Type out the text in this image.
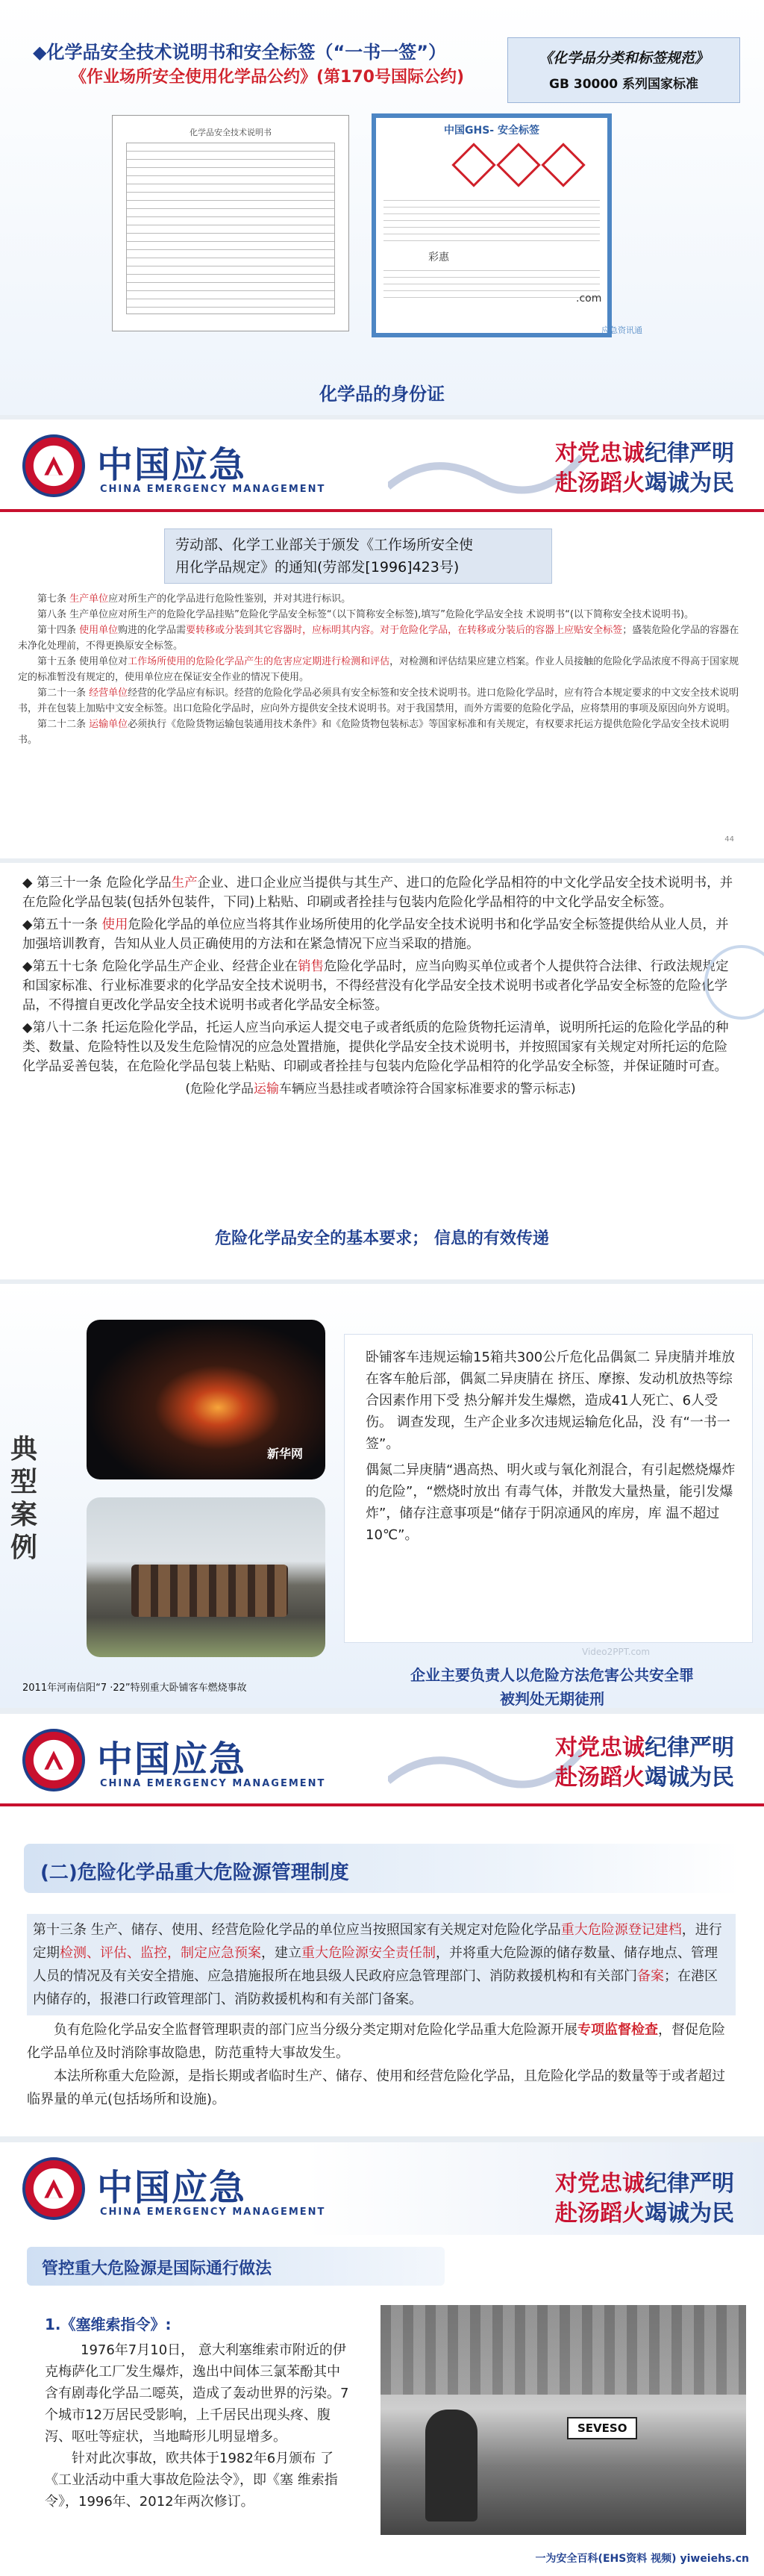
◆化学品安全技术说明书和安全标签（“一书一签”）
《作业场所安全使用化学品公约》(第170号国际公约)
《化学品分类和标签规范》
GB 30000 系列国家标准
化学品安全技术说明书	中国GHS- 安全标签
彩惠
.com
应急资讯通
化学品的身份证
中国应急
CHINA EMERGENCY MANAGEMENT
对党忠诚纪律严明
赴汤蹈火竭诚为民
劳动部、化学工业部关于颁发《工作场所安全使
用化学品规定》的通知(劳部发[1996]423号)

第七条 生产单位应对所生产的化学品进行危险性鉴别，并对其进行标识。

第八条 生产单位应对所生产的危险化学品挂贴”危险化学品安全标签“（以下简称安全标签),填写”危险化学品安全技 术说明书“(以下简称安全技术说明书)。

第十四条 使用单位购进的化学品需要转移或分装到其它容器时，应标明其内容。对于危险化学品，在转移或分装后的容器上应贴安全标签；盛装危险化学品的容器在未净化处理前，不得更换原安全标签。

第十五条 使用单位对工作场所使用的危险化学品产生的危害应定期进行检测和评估，对检测和评估结果应建立档案。作业人员接触的危险化学品浓度不得高于国家规定的标准暂没有规定的，使用单位应在保证安全作业的情况下使用。

第二十一条 经营单位经营的化学品应有标识。经营的危险化学品必须具有安全标签和安全技术说明书。进口危险化学品时，应有符合本规定要求的中文安全技术说明书，并在包装上加贴中文安全标签。出口危险化学品时，应向外方提供安全技术说明书。对于我国禁用，而外方需要的危险化学品，应将禁用的事项及原因向外方说明。

第二十二条 运输单位必须执行《危险货物运输包装通用技术条件》和《危险货物包装标志》等国家标准和有关规定，有权要求托运方提供危险化学品安全技术说明书。

44

◆ 第三十一条 危险化学品生产企业、进口企业应当提供与其生产、进口的危险化学品相符的中文化学品安全技术说明书，并在危险化学品包装(包括外包装件，下同)上粘贴、印刷或者拴挂与包装内危险化学品相符的中文化学品安全标签。

◆第五十一条 使用危险化学品的单位应当将其作业场所使用的化学品安全技术说明书和化学品安全标签提供给从业人员，并加强培训教育，告知从业人员正确使用的方法和在紧急情况下应当采取的措施。

◆第五十七条 危险化学品生产企业、经营企业在销售危险化学品时，应当向购买单位或者个人提供符合法律、行政法规规定和国家标准、行业标准要求的化学品安全技术说明书，不得经营没有化学品安全技术说明书或者化学品安全标签的危险化学品，不得擅自更改化学品安全技术说明书或者化学品安全标签。

◆第八十二条 托运危险化学品，托运人应当向承运人提交电子或者纸质的危险货物托运清单，说明所托运的危险化学品的种类、数量、危险特性以及发生危险情况的应急处置措施，提供化学品安全技术说明书，并按照国家有关规定对所托运的危险化学品妥善包装，在危险化学品包装上粘贴、印刷或者拴挂与包装内危险化学品相符的化学品安全标签，并保证随时可查。

(危险化学品运输车辆应当悬挂或者喷涂符合国家标准要求的警示标志)

危险化学品安全的基本要求； 信息的有效传递
典型案例
新华网
2011年河南信阳“7 ·22”特别重大卧铺客车燃烧事故
卧铺客车违规运输15箱共300公斤危化品偶氮二 异庚腈并堆放在客车舱后部，偶氮二异庚腈在 挤压、摩擦、发动机放热等综合因素作用下受 热分解并发生爆燃，造成41人死亡、6人受伤。 调查发现，生产企业多次违规运输危化品，没 有“一书一签”。
偶氮二异庚腈“遇高热、明火或与氧化剂混合，有引起燃烧爆炸的危险”，“燃烧时放出 有毒气体，并散发大量热量，能引发爆炸”，储存注意事项是“储存于阴凉通风的库房，库 温不超过10℃”。
Video2PPT.com
企业主要负责人以危险方法危害公共安全罪
被判处无期徒刑
中国应急
CHINA EMERGENCY MANAGEMENT
对党忠诚纪律严明
赴汤蹈火竭诚为民
(二)危险化学品重大危险源管理制度

第十三条 生产、储存、使用、经营危险化学品的单位应当按照国家有关规定对危险化学品重大危险源登记建档，进行定期检测、评估、监控，制定应急预案，建立重大危险源安全责任制，并将重大危险源的储存数量、储存地点、管理人员的情况及有关安全措施、应急措施报所在地县级人民政府应急管理部门、消防救援机构和有关部门备案；在港区内储存的，报港口行政管理部门、消防救援机构和有关部门备案。

负有危险化学品安全监督管理职责的部门应当分级分类定期对危险化学品重大危险源开展专项监督检查，督促危险化学品单位及时消除事故隐患，防范重特大事故发生。

本法所称重大危险源，是指长期或者临时生产、储存、使用和经营危险化学品，且危险化学品的数量等于或者超过临界量的单元(包括场所和设施)。

中国应急
CHINA EMERGENCY MANAGEMENT
对党忠诚纪律严明
赴汤蹈火竭诚为民
管控重大危险源是国际通行做法
1.《塞维索指令》:

1976年7月10日， 意大利塞维索市附近的伊克梅萨化工厂发生爆炸，逸出中间体三氯苯酚其中含有剧毒化学品二噁英，造成了轰动世界的污染。7个城市12万居民受影响，上千居民出现头疼、腹泻、呕吐等症状，当地畸形儿明显增多。

针对此次事故，欧共体于1982年6月颁布 了《工业活动中重大事故危险法令》，即《塞 维索指令》，1996年、2012年两次修订。

SEVESO
一为安全百科(EHS资料 视频) yiweiehs.cn
